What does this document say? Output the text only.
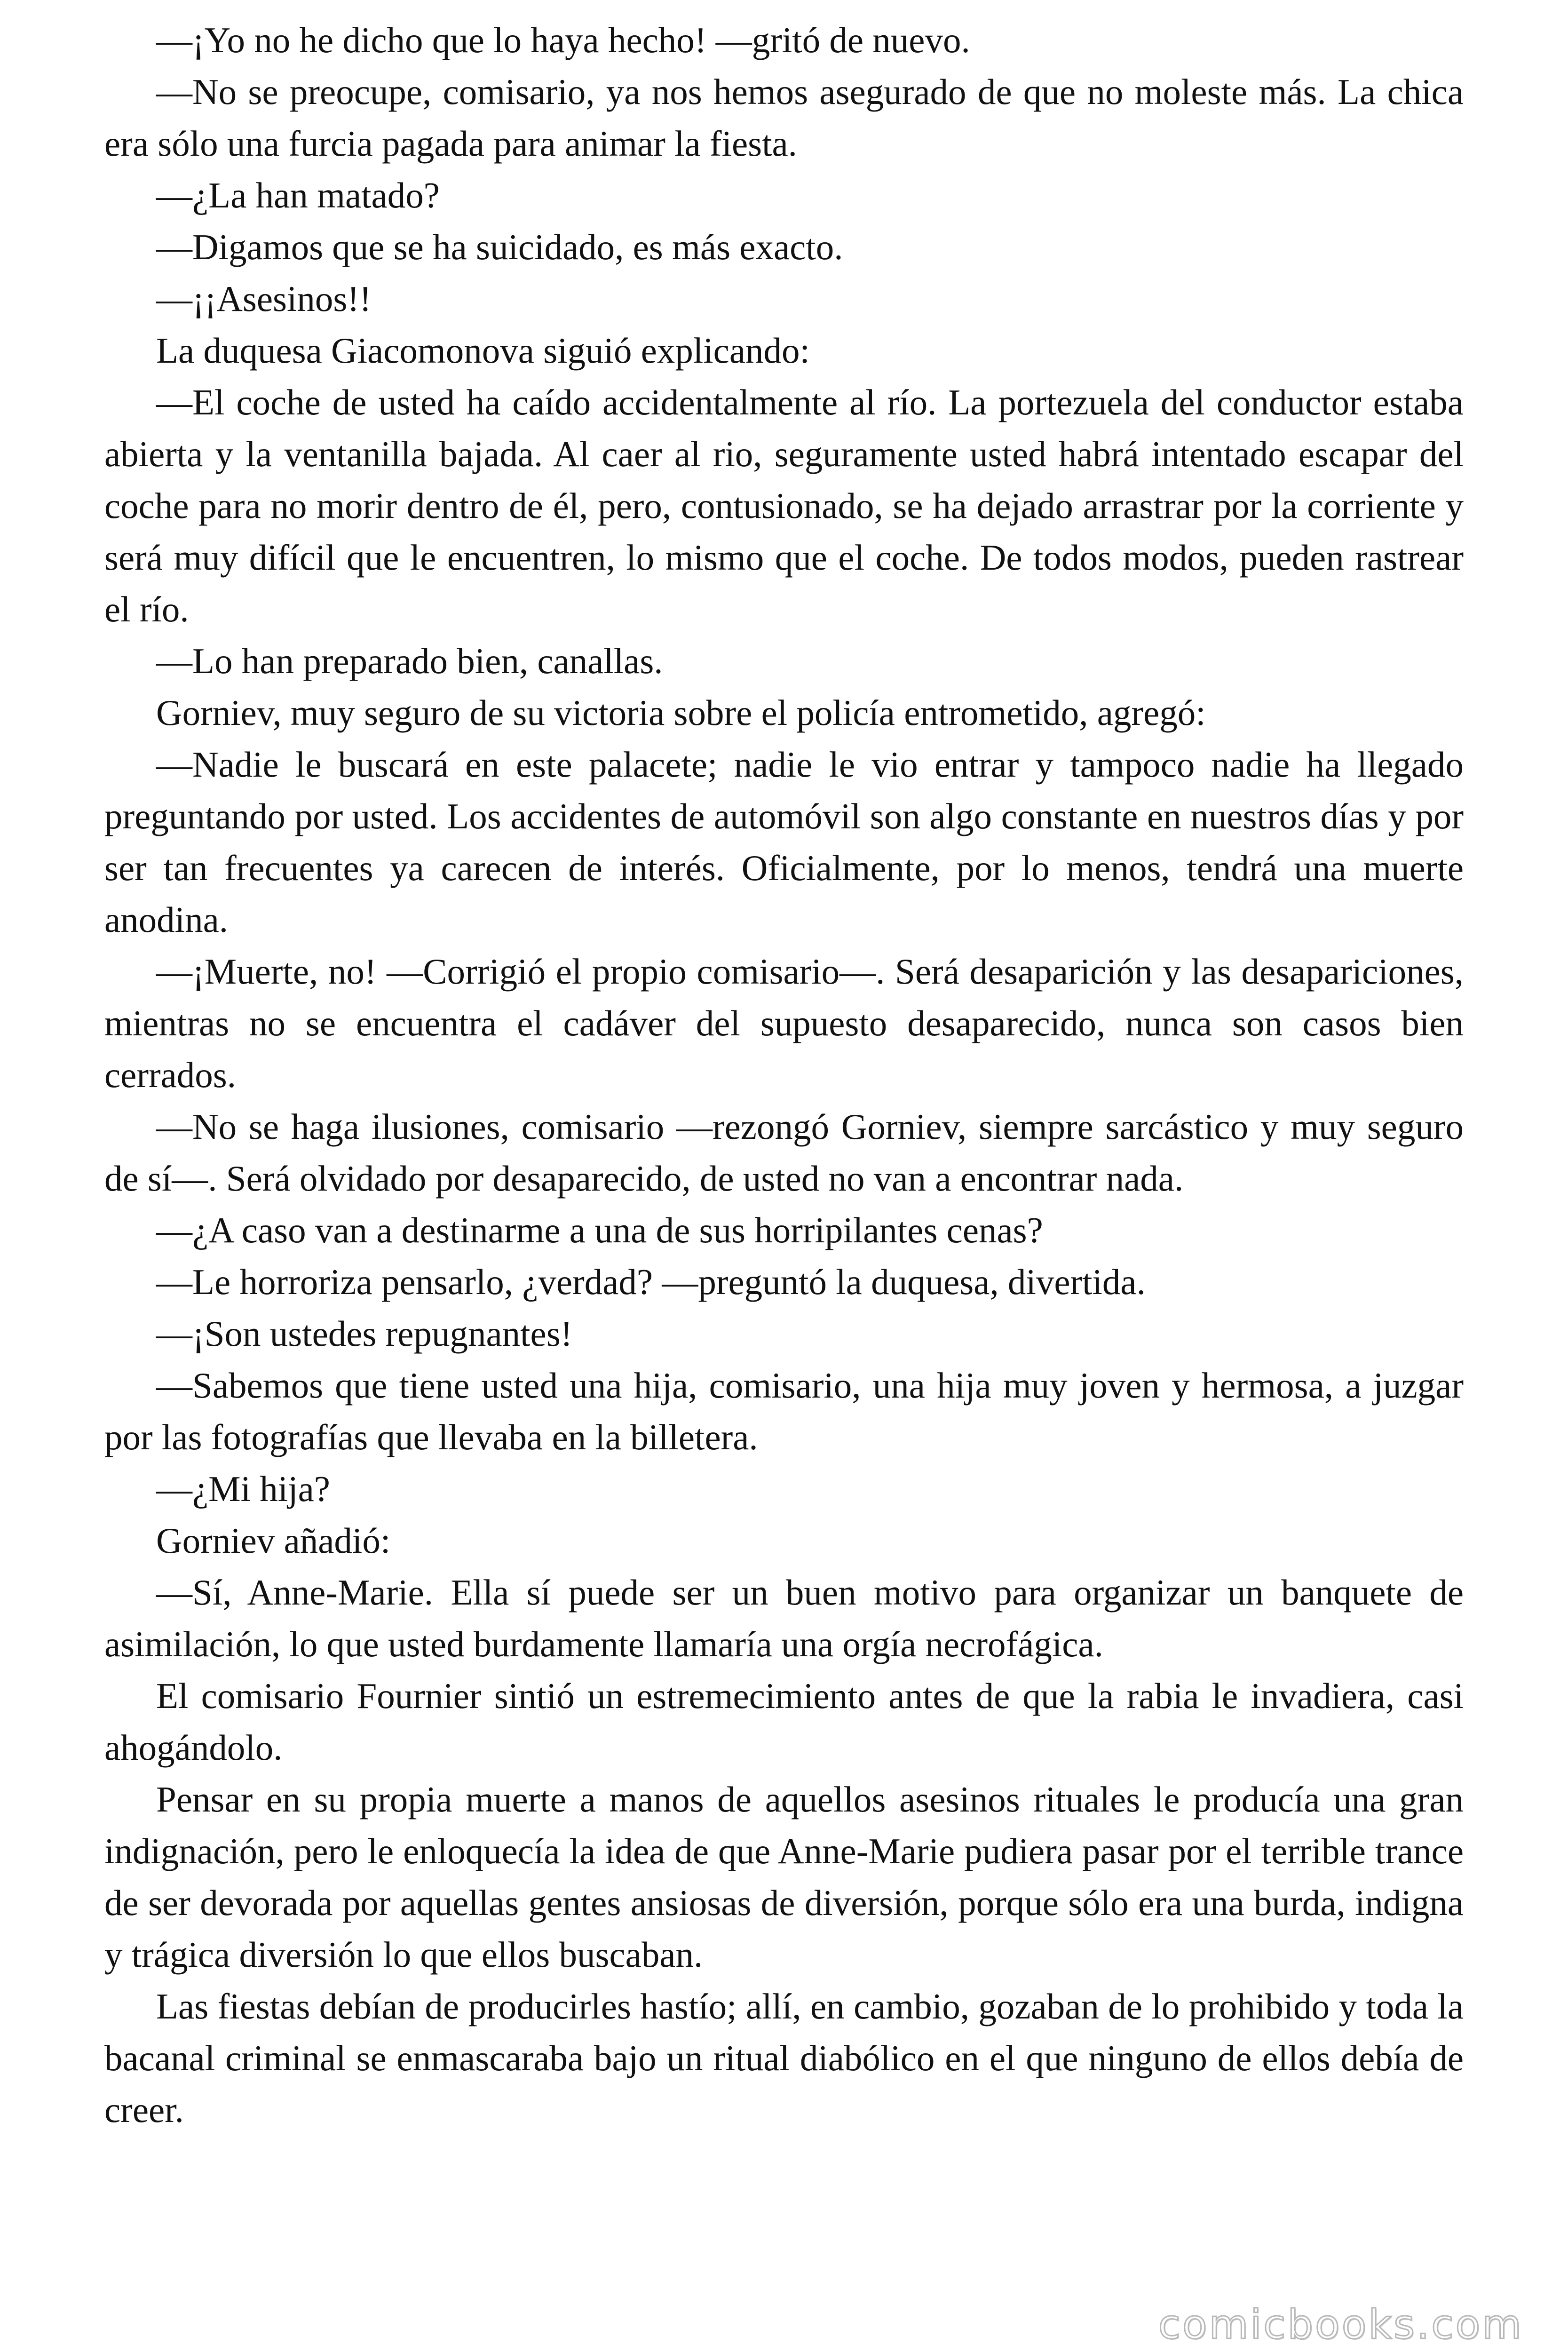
—¡Yo no he dicho que lo haya hecho! —gritó de nuevo.

—No se preocupe, comisario, ya nos hemos asegurado de que no moleste más. La chica era sólo una furcia pagada para animar la fiesta.

—¿La han matado?

—Digamos que se ha suicidado, es más exacto.

—¡¡Asesinos!!

La duquesa Giacomonova siguió explicando:

—El coche de usted ha caído accidentalmente al río. La portezuela del conductor estaba abierta y la ventanilla bajada. Al caer al rio, seguramente usted habrá intentado escapar del coche para no morir dentro de él, pero, contusionado, se ha dejado arrastrar por la corriente y será muy difícil que le encuentren, lo mismo que el coche. De todos modos, pueden rastrear el río.

—Lo han preparado bien, canallas.

Gorniev, muy seguro de su victoria sobre el policía entrometido, agregó:

—Nadie le buscará en este palacete; nadie le vio entrar y tampoco nadie ha llegado preguntando por usted. Los accidentes de automóvil son algo constante en nuestros días y por ser tan frecuentes ya carecen de interés. Oficialmente, por lo menos, tendrá una muerte anodina.

—¡Muerte, no! —Corrigió el propio comisario—. Será desaparición y las desapariciones, mientras no se encuentra el cadáver del supuesto desaparecido, nunca son casos bien cerrados.

—No se haga ilusiones, comisario —rezongó Gorniev, siempre sarcástico y muy seguro de sí—. Será olvidado por desaparecido, de usted no van a encontrar nada.

—¿A caso van a destinarme a una de sus horripilantes cenas?

—Le horroriza pensarlo, ¿verdad? —preguntó la duquesa, divertida.

—¡Son ustedes repugnantes!

—Sabemos que tiene usted una hija, comisario, una hija muy joven y hermosa, a juzgar por las fotografías que llevaba en la billetera.

—¿Mi hija?

Gorniev añadió:

—Sí, Anne-Marie. Ella sí puede ser un buen motivo para organizar un banquete de asimilación, lo que usted burdamente llamaría una orgía necrofágica.

El comisario Fournier sintió un estremecimiento antes de que la rabia le invadiera, casi ahogándolo.

Pensar en su propia muerte a manos de aquellos asesinos rituales le producía una gran indignación, pero le enloquecía la idea de que Anne-Marie pudiera pasar por el terrible trance de ser devorada por aquellas gentes ansiosas de diversión, porque sólo era una burda, indigna y trágica diversión lo que ellos buscaban.

Las fiestas debían de producirles hastío; allí, en cambio, gozaban de lo prohibido y toda la bacanal criminal se enmascaraba bajo un ritual diabólico en el que ninguno de ellos debía de creer.

comicbooks.com
